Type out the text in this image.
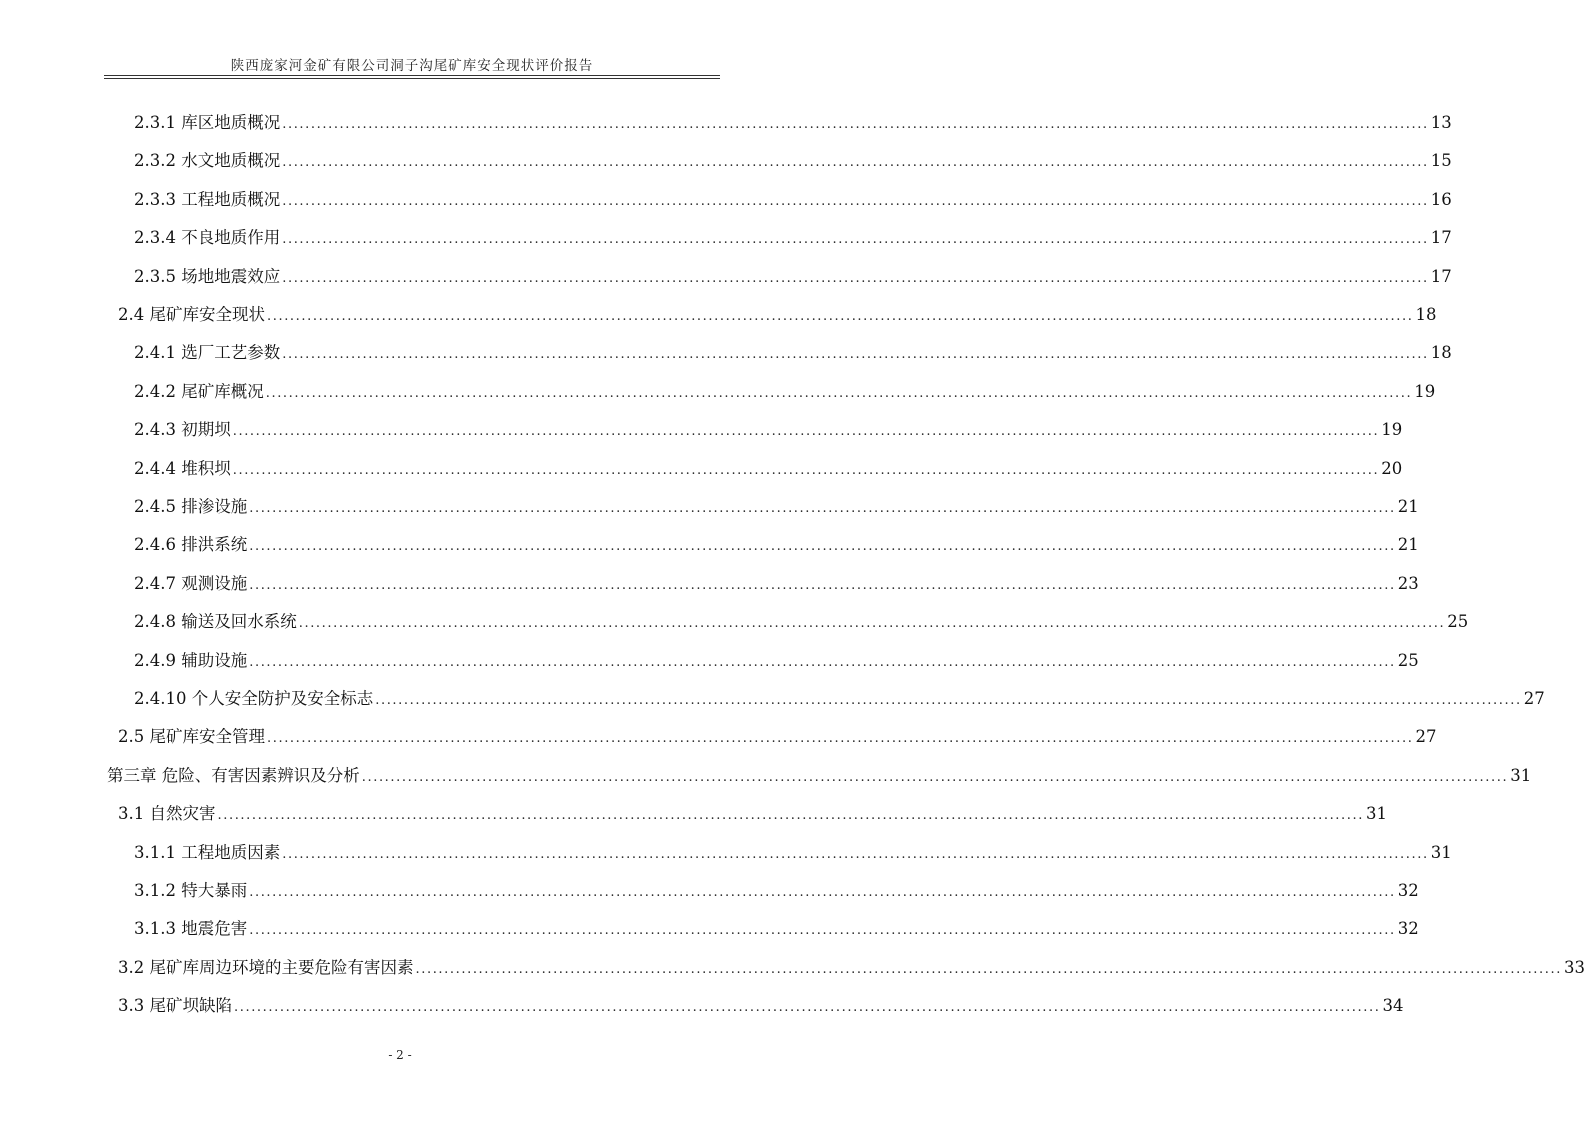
陕西庞家河金矿有限公司洞子沟尾矿库安全现状评价报告
2.3.1 库区地质概况 ........................................................................................................................................................................................................ 13
2.3.2 水文地质概况 ........................................................................................................................................................................................................ 15
2.3.3 工程地质概况 ........................................................................................................................................................................................................ 16
2.3.4 不良地质作用 ........................................................................................................................................................................................................ 17
2.3.5 场地地震效应 ........................................................................................................................................................................................................ 17
2.4 尾矿库安全现状 ........................................................................................................................................................................................................ 18
2.4.1 选厂工艺参数 ........................................................................................................................................................................................................ 18
2.4.2 尾矿库概况 ........................................................................................................................................................................................................ 19
2.4.3 初期坝 ........................................................................................................................................................................................................ 19
2.4.4 堆积坝 ........................................................................................................................................................................................................ 20
2.4.5 排渗设施 ........................................................................................................................................................................................................ 21
2.4.6 排洪系统 ........................................................................................................................................................................................................ 21
2.4.7 观测设施 ........................................................................................................................................................................................................ 23
2.4.8 输送及回水系统 ........................................................................................................................................................................................................ 25
2.4.9 辅助设施 ........................................................................................................................................................................................................ 25
2.4.10 个人安全防护及安全标志 ........................................................................................................................................................................................................ 27
2.5 尾矿库安全管理 ........................................................................................................................................................................................................ 27
第三章 危险、有害因素辨识及分析 ........................................................................................................................................................................................................ 31
3.1 自然灾害 ........................................................................................................................................................................................................ 31
3.1.1 工程地质因素 ........................................................................................................................................................................................................ 31
3.1.2 特大暴雨 ........................................................................................................................................................................................................ 32
3.1.3 地震危害 ........................................................................................................................................................................................................ 32
3.2 尾矿库周边环境的主要危险有害因素 ........................................................................................................................................................................................................ 33
3.3 尾矿坝缺陷 ........................................................................................................................................................................................................ 34
- 2 -
